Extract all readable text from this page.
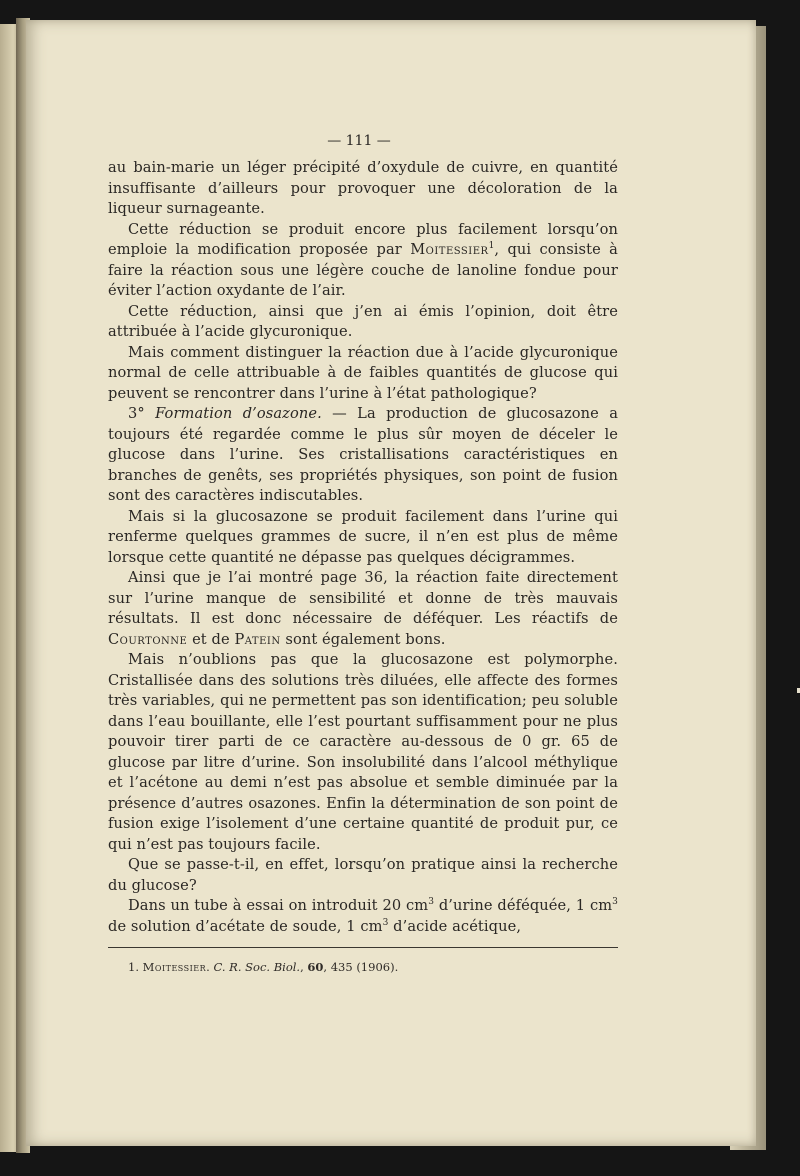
— 111 —

au bain-marie un léger précipité d’oxydule de cuivre, en quantité insuffisante d’ailleurs pour provoquer une décoloration de la liqueur surnageante.

Cette réduction se produit encore plus facilement lorsqu’on emploie la modification proposée par Moitessier$^1$, qui consiste à faire la réaction sous une légère couche de lanoline fondue pour éviter l’action oxydante de l’air.

Cette réduction, ainsi que j’en ai émis l’opinion, doit être attribuée à l’acide glycuronique.

Mais comment distinguer la réaction due à l’acide glycuronique normal de celle attribuable à de faibles quantités de glucose qui peuvent se rencontrer dans l’urine à l’état pathologique?

3° Formation d’osazone. — La production de glucosazone a toujours été regardée comme le plus sûr moyen de déceler le glucose dans l’urine. Ses cristallisations caractéristiques en branches de genêts, ses propriétés physiques, son point de fusion sont des caractères indiscutables.

Mais si la glucosazone se produit facilement dans l’urine qui renferme quelques grammes de sucre, il n’en est plus de même lorsque cette quantité ne dépasse pas quelques décigrammes.

Ainsi que je l’ai montré page 36, la réaction faite directement sur l’urine manque de sensibilité et donne de très mauvais résultats. Il est donc nécessaire de déféquer. Les réactifs de Courtonne et de Patein sont également bons.

Mais n’oublions pas que la glucosazone est polymorphe. Cristallisée dans des solutions très diluées, elle affecte des formes très variables, qui ne permettent pas son identification; peu soluble dans l’eau bouillante, elle l’est pourtant suffisamment pour ne plus pouvoir tirer parti de ce caractère au-dessous de 0 gr. 65 de glucose par litre d’urine. Son insolubilité dans l’alcool méthylique et l’acétone au demi n’est pas absolue et semble diminuée par la présence d’autres osazones. Enfin la détermination de son point de fusion exige l’isolement d’une certaine quantité de produit pur, ce qui n’est pas toujours facile.

Que se passe-t-il, en effet, lorsqu’on pratique ainsi la recherche du glucose?

Dans un tube à essai on introduit 20 $cm^3$ d’urine déféquée, 1 $cm^3$ de solution d’acétate de soude, 1 $cm^3$ d’acide acétique,

1. Moitessier. C. R. Soc. Biol., 60, 435 (1906).
